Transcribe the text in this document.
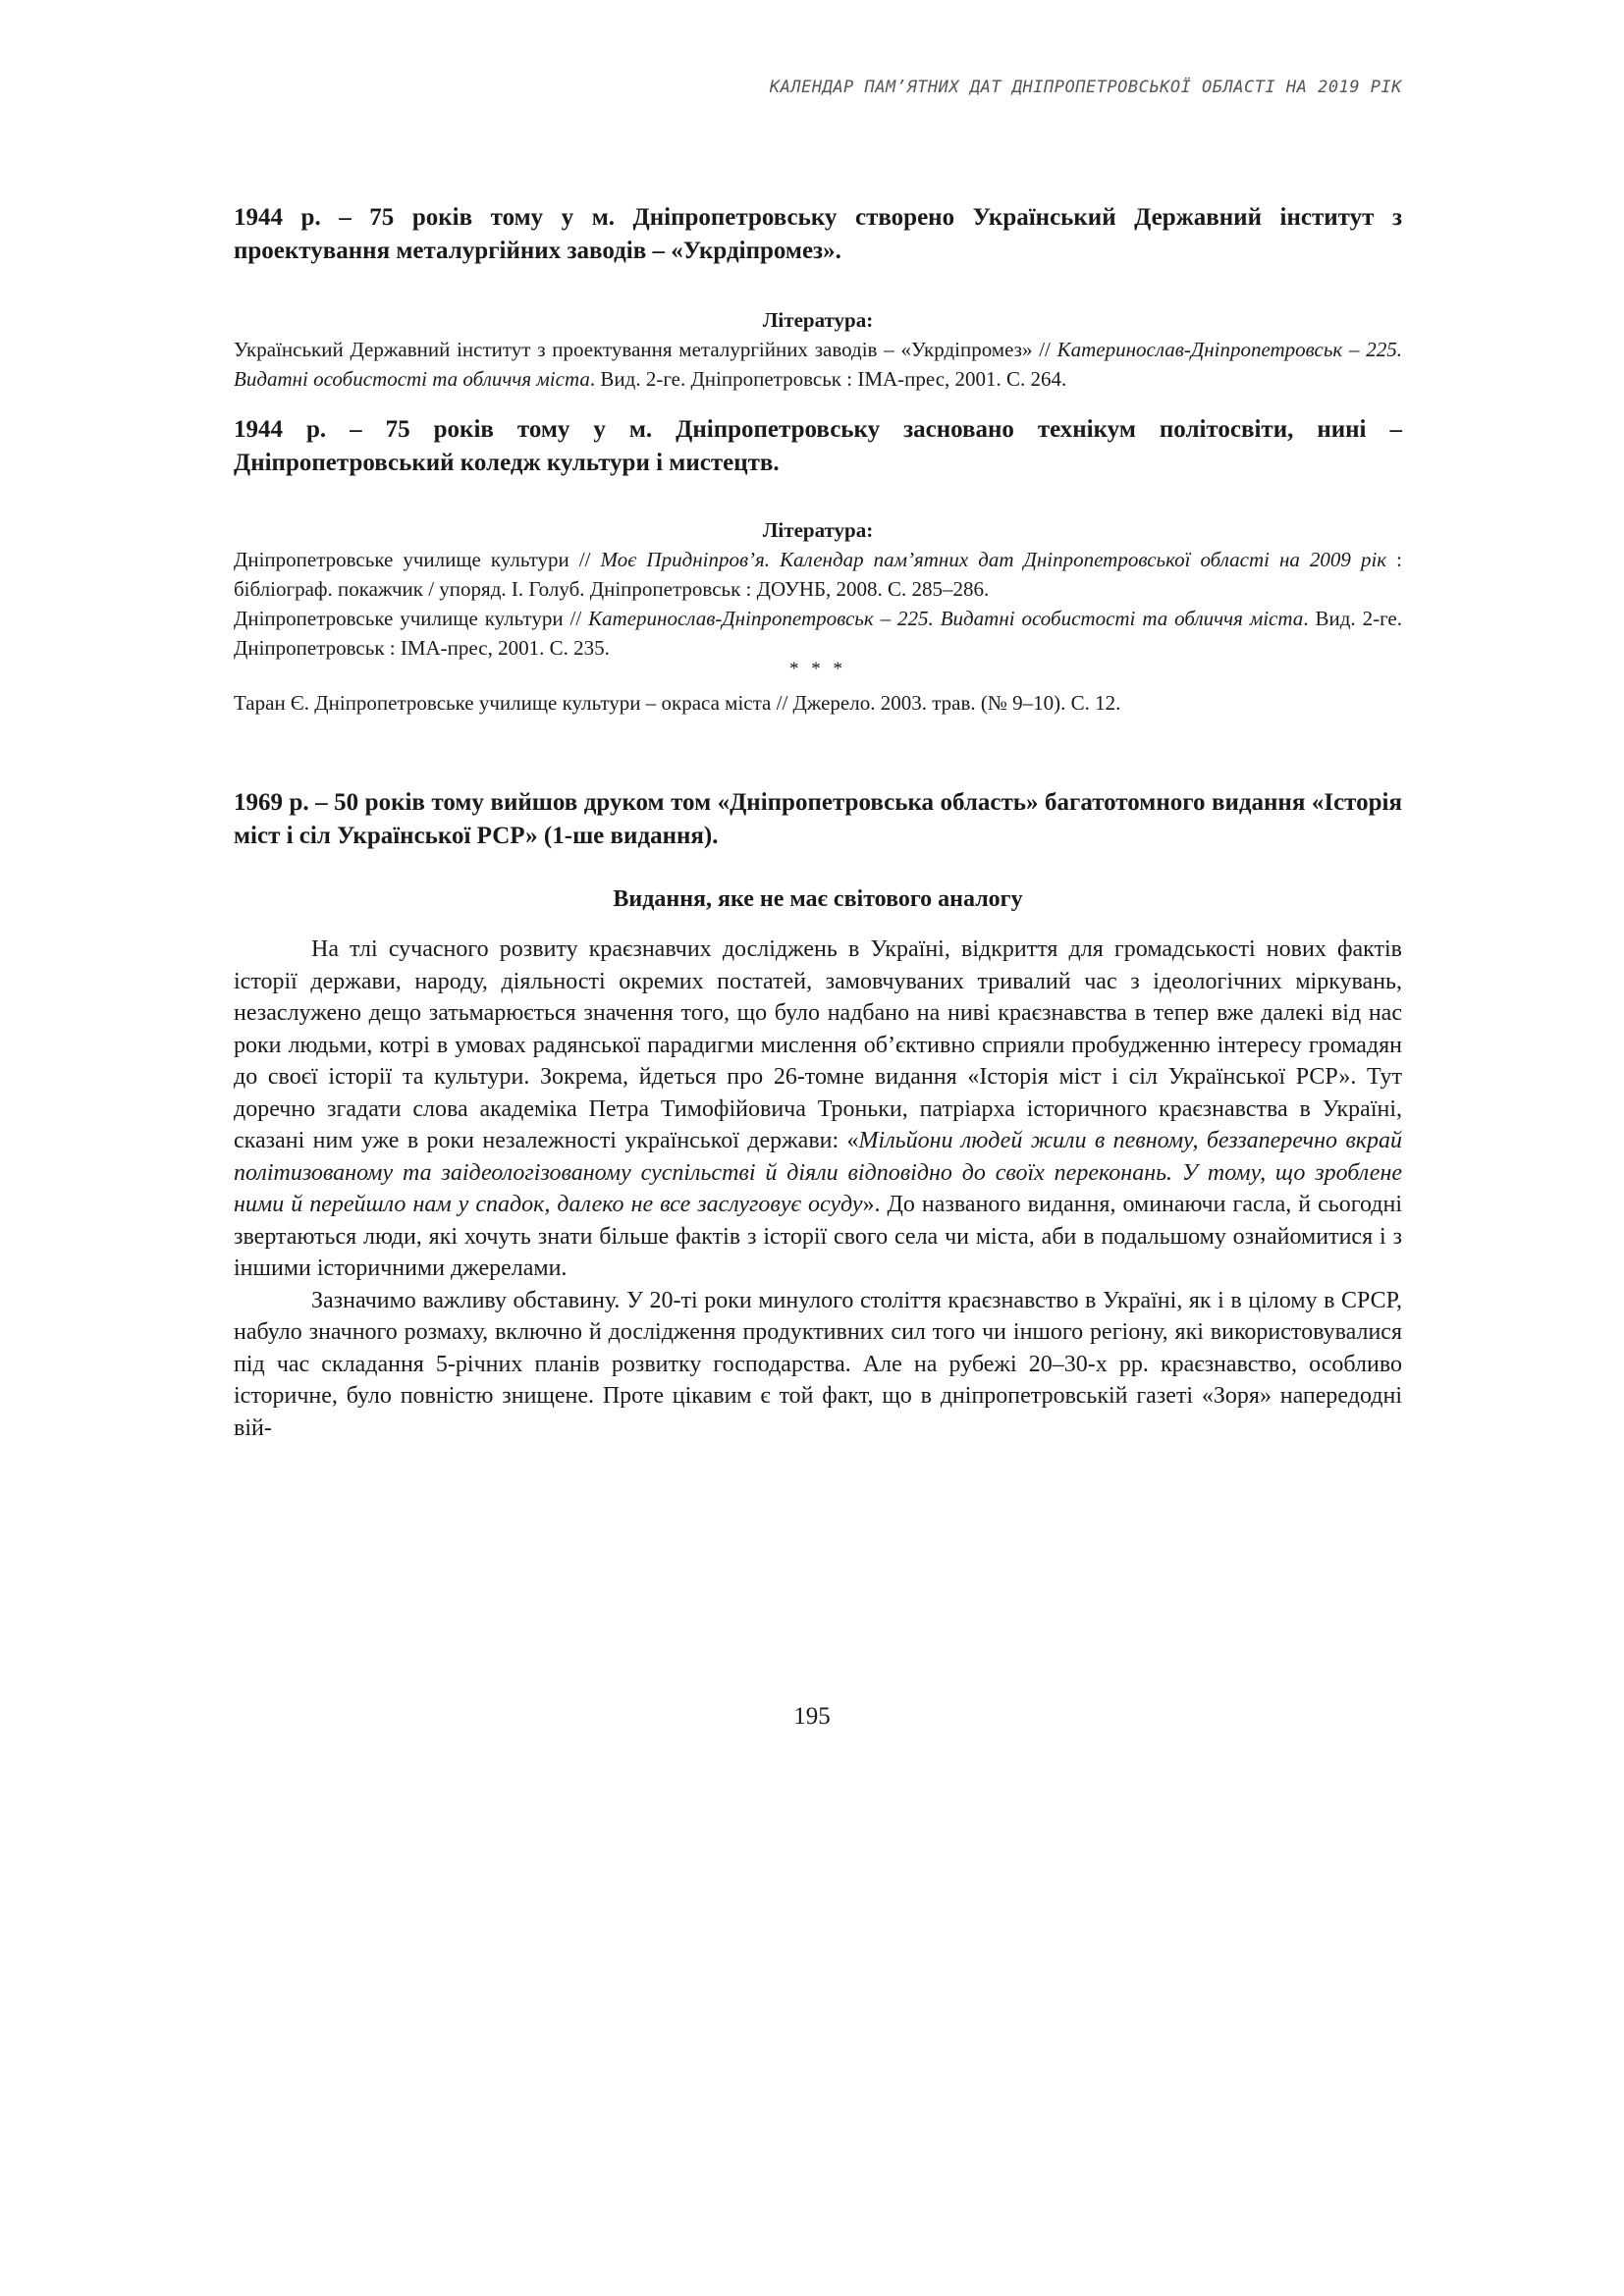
КАЛЕНДАР ПАМ’ЯТНИХ ДАТ ДНІПРОПЕТРОВСЬКОЇ ОБЛАСТІ НА 2019 РІК

1944 р. – 75 років тому у м. Дніпропетровську створено Український Державний інститут з проектування металургійних заводів – «Укрдіпромез».

Література:

Український Державний інститут з проектування металургійних заводів – «Укрдіпромез» // Катеринослав-Дніпропетровськ – 225. Видатні особистості та обличчя міста. Вид. 2-ге. Дніпропетровськ : ІМА-прес, 2001. С. 264.

1944 р. – 75 років тому у м. Дніпропетровську засновано технікум політосвіти, нині – Дніпропетровський коледж культури і мистецтв.

Література:

Дніпропетровське училище культури // Моє Придніпров’я. Календар пам’ятних дат Дніпропетровської області на 2009 рік : бібліограф. покажчик / упоряд. І. Голуб. Дніпропетровськ : ДОУНБ, 2008. С. 285–286.

Дніпропетровське училище культури // Катеринослав-Дніпропетровськ – 225. Видатні особистості та обличчя міста. Вид. 2-ге. Дніпропетровськ : ІМА-прес, 2001. С. 235.

* * *

Таран Є. Дніпропетровське училище культури – окраса міста // Джерело. 2003. трав. (№ 9–10). С. 12.

1969 р. – 50 років тому вийшов друком том «Дніпропетровська область» багатотомного видання «Історія міст і сіл Української РСР» (1-ше видання).

Видання, яке не має світового аналогу

На тлі сучасного розвиту краєзнавчих досліджень в Україні, відкриття для громадськості нових фактів історії держави, народу, діяльності окремих постатей, замовчуваних тривалий час з ідеологічних міркувань, незаслужено дещо затьмарюється значення того, що було надбано на ниві краєзнавства в тепер вже далекі від нас роки людьми, котрі в умовах радянської парадигми мислення об’єктивно сприяли пробудженню інтересу громадян до своєї історії та культури. Зокрема, йдеться про 26-томне видання «Історія міст і сіл Української РСР». Тут доречно згадати слова академіка Петра Тимофійовича Троньки, патріарха історичного краєзнавства в Україні, сказані ним уже в роки незалежності української держави: «Мільйони людей жили в певному, беззаперечно вкрай політизованому та заідеологізованому суспільстві й діяли відповідно до своїх переконань. У тому, що зроблене ними й перейшло нам у спадок, далеко не все заслуговує осуду». До названого видання, оминаючи гасла, й сьогодні звертаються люди, які хочуть знати більше фактів з історії свого села чи міста, аби в подальшому ознайомитися і з іншими історичними джерелами.

Зазначимо важливу обставину. У 20-ті роки минулого століття краєзнавство в Україні, як і в цілому в СРСР, набуло значного розмаху, включно й дослідження продуктивних сил того чи іншого регіону, які використовувалися під час складання 5-річних планів розвитку господарства. Але на рубежі 20–30-х рр. краєзнавство, особливо історичне, було повністю знищене. Проте цікавим є той факт, що в дніпропетровській газеті «Зоря» напередодні вій-

195
